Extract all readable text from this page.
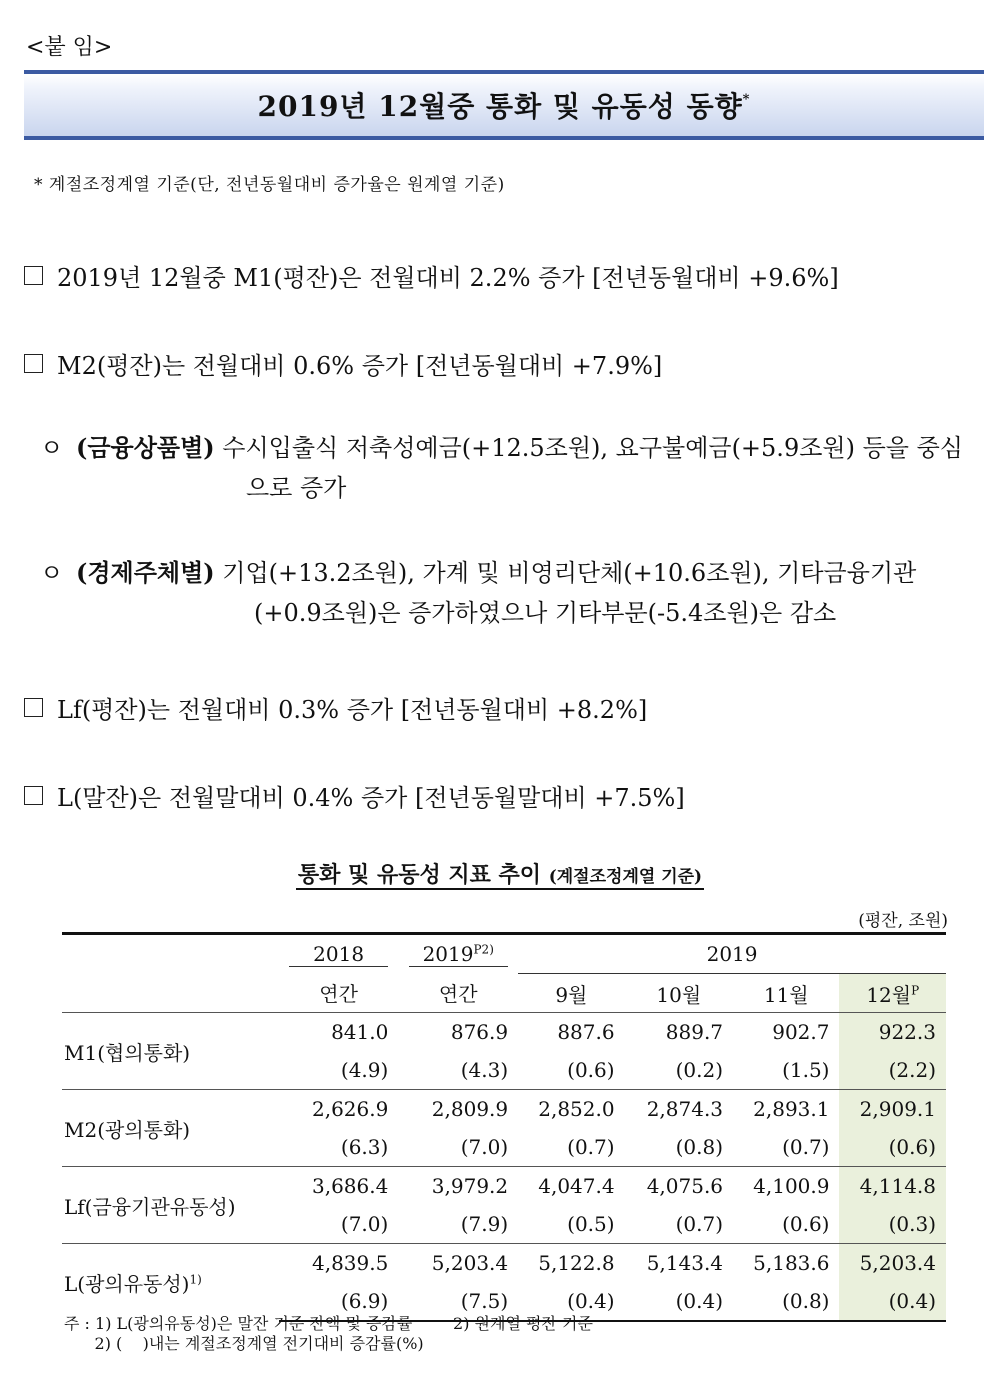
<붙 임>
2019년 12월중 통화 및 유동성 동향*
* 계절조정계열 기준(단, 전년동월대비 증가율은 원계열 기준)
2019년 12월중 M1(평잔)은 전월대비 2.2% 증가 [전년동월대비 +9.6%]
M2(평잔)는 전월대비 0.6% 증가 [전년동월대비 +7.9%]
ㅇ (금융상품별) 수시입출식 저축성예금(+12.5조원), 요구불예금(+5.9조원) 등을 중심
으로 증가
ㅇ (경제주체별) 기업(+13.2조원), 가계 및 비영리단체(+10.6조원), 기타금융기관
(+0.9조원)은 증가하였으나 기타부문(-5.4조원)은 감소
Lf(평잔)는 전월대비 0.3% 증가 [전년동월대비 +8.2%]
L(말잔)은 전월말대비 0.4% 증가 [전년동월말대비 +7.5%]
통화 및 유동성 지표 추이 (계절조정계열 기준)
(평잔, 조원)
	2018	$2019^{P2)}$	2019			
	연간	연간	9월	10월	11월	12월$^P$
M1(협의통화)	841.0	876.9	887.6	889.7	902.7	922.3
	(4.9)	(4.3)	(0.6)	(0.2)	(1.5)	(2.2)
M2(광의통화)	2,626.9	2,809.9	2,852.0	2,874.3	2,893.1	2,909.1
	(6.3)	(7.0)	(0.7)	(0.8)	(0.7)	(0.6)
Lf(금융기관유동성)	3,686.4	3,979.2	4,047.4	4,075.6	4,100.9	4,114.8
	(7.0)	(7.9)	(0.5)	(0.7)	(0.6)	(0.3)
L(광의유동성)$^{1)}$	4,839.5	5,203.4	5,122.8	5,143.4	5,183.6	5,203.4
	(6.9)	(7.5)	(0.4)	(0.4)	(0.8)	(0.4)
주 : 1) L(광의유동성)은 말잔 기준 잔액 및 증감률        2) 원계열 평잔 기준
2) (    )내는 계절조정계열 전기대비 증감률(%)
